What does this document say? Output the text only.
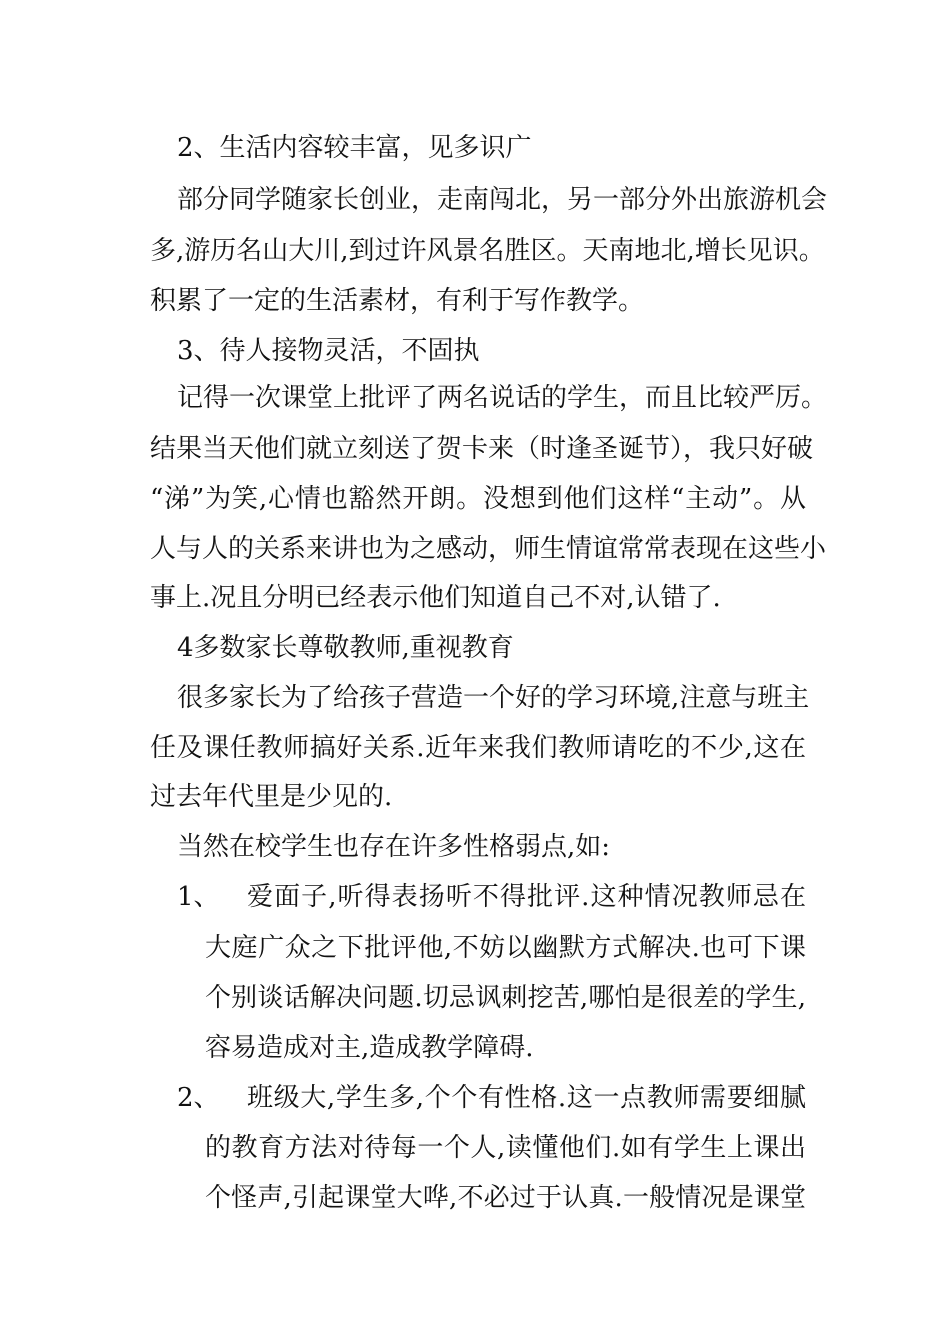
2、生活内容较丰富，见多识广
部分同学随家长创业，走南闯北，另一部分外出旅游机会
多,游历名山大川,到过许风景名胜区。天南地北,增长见识。
积累了一定的生活素材，有利于写作教学。
3、待人接物灵活，不固执
记得一次课堂上批评了两名说话的学生，而且比较严厉。
结果当天他们就立刻送了贺卡来（时逢圣诞节），我只好破
“涕”为笑,心情也豁然开朗。没想到他们这样“主动”。从
人与人的关系来讲也为之感动，师生情谊常常表现在这些小
事上.况且分明已经表示他们知道自己不对,认错了.
4多数家长尊敬教师,重视教育
很多家长为了给孩子营造一个好的学习环境,注意与班主
任及课任教师搞好关系.近年来我们教师请吃的不少,这在
过去年代里是少见的.
当然在校学生也存在许多性格弱点,如:
1、 爱面子,听得表扬听不得批评.这种情况教师忌在
大庭广众之下批评他,不妨以幽默方式解决.也可下课
个别谈话解决问题.切忌讽刺挖苦,哪怕是很差的学生,
容易造成对主,造成教学障碍.
2、 班级大,学生多,个个有性格.这一点教师需要细腻
的教育方法对待每一个人,读懂他们.如有学生上课出
个怪声,引起课堂大哗,不必过于认真.一般情况是课堂
